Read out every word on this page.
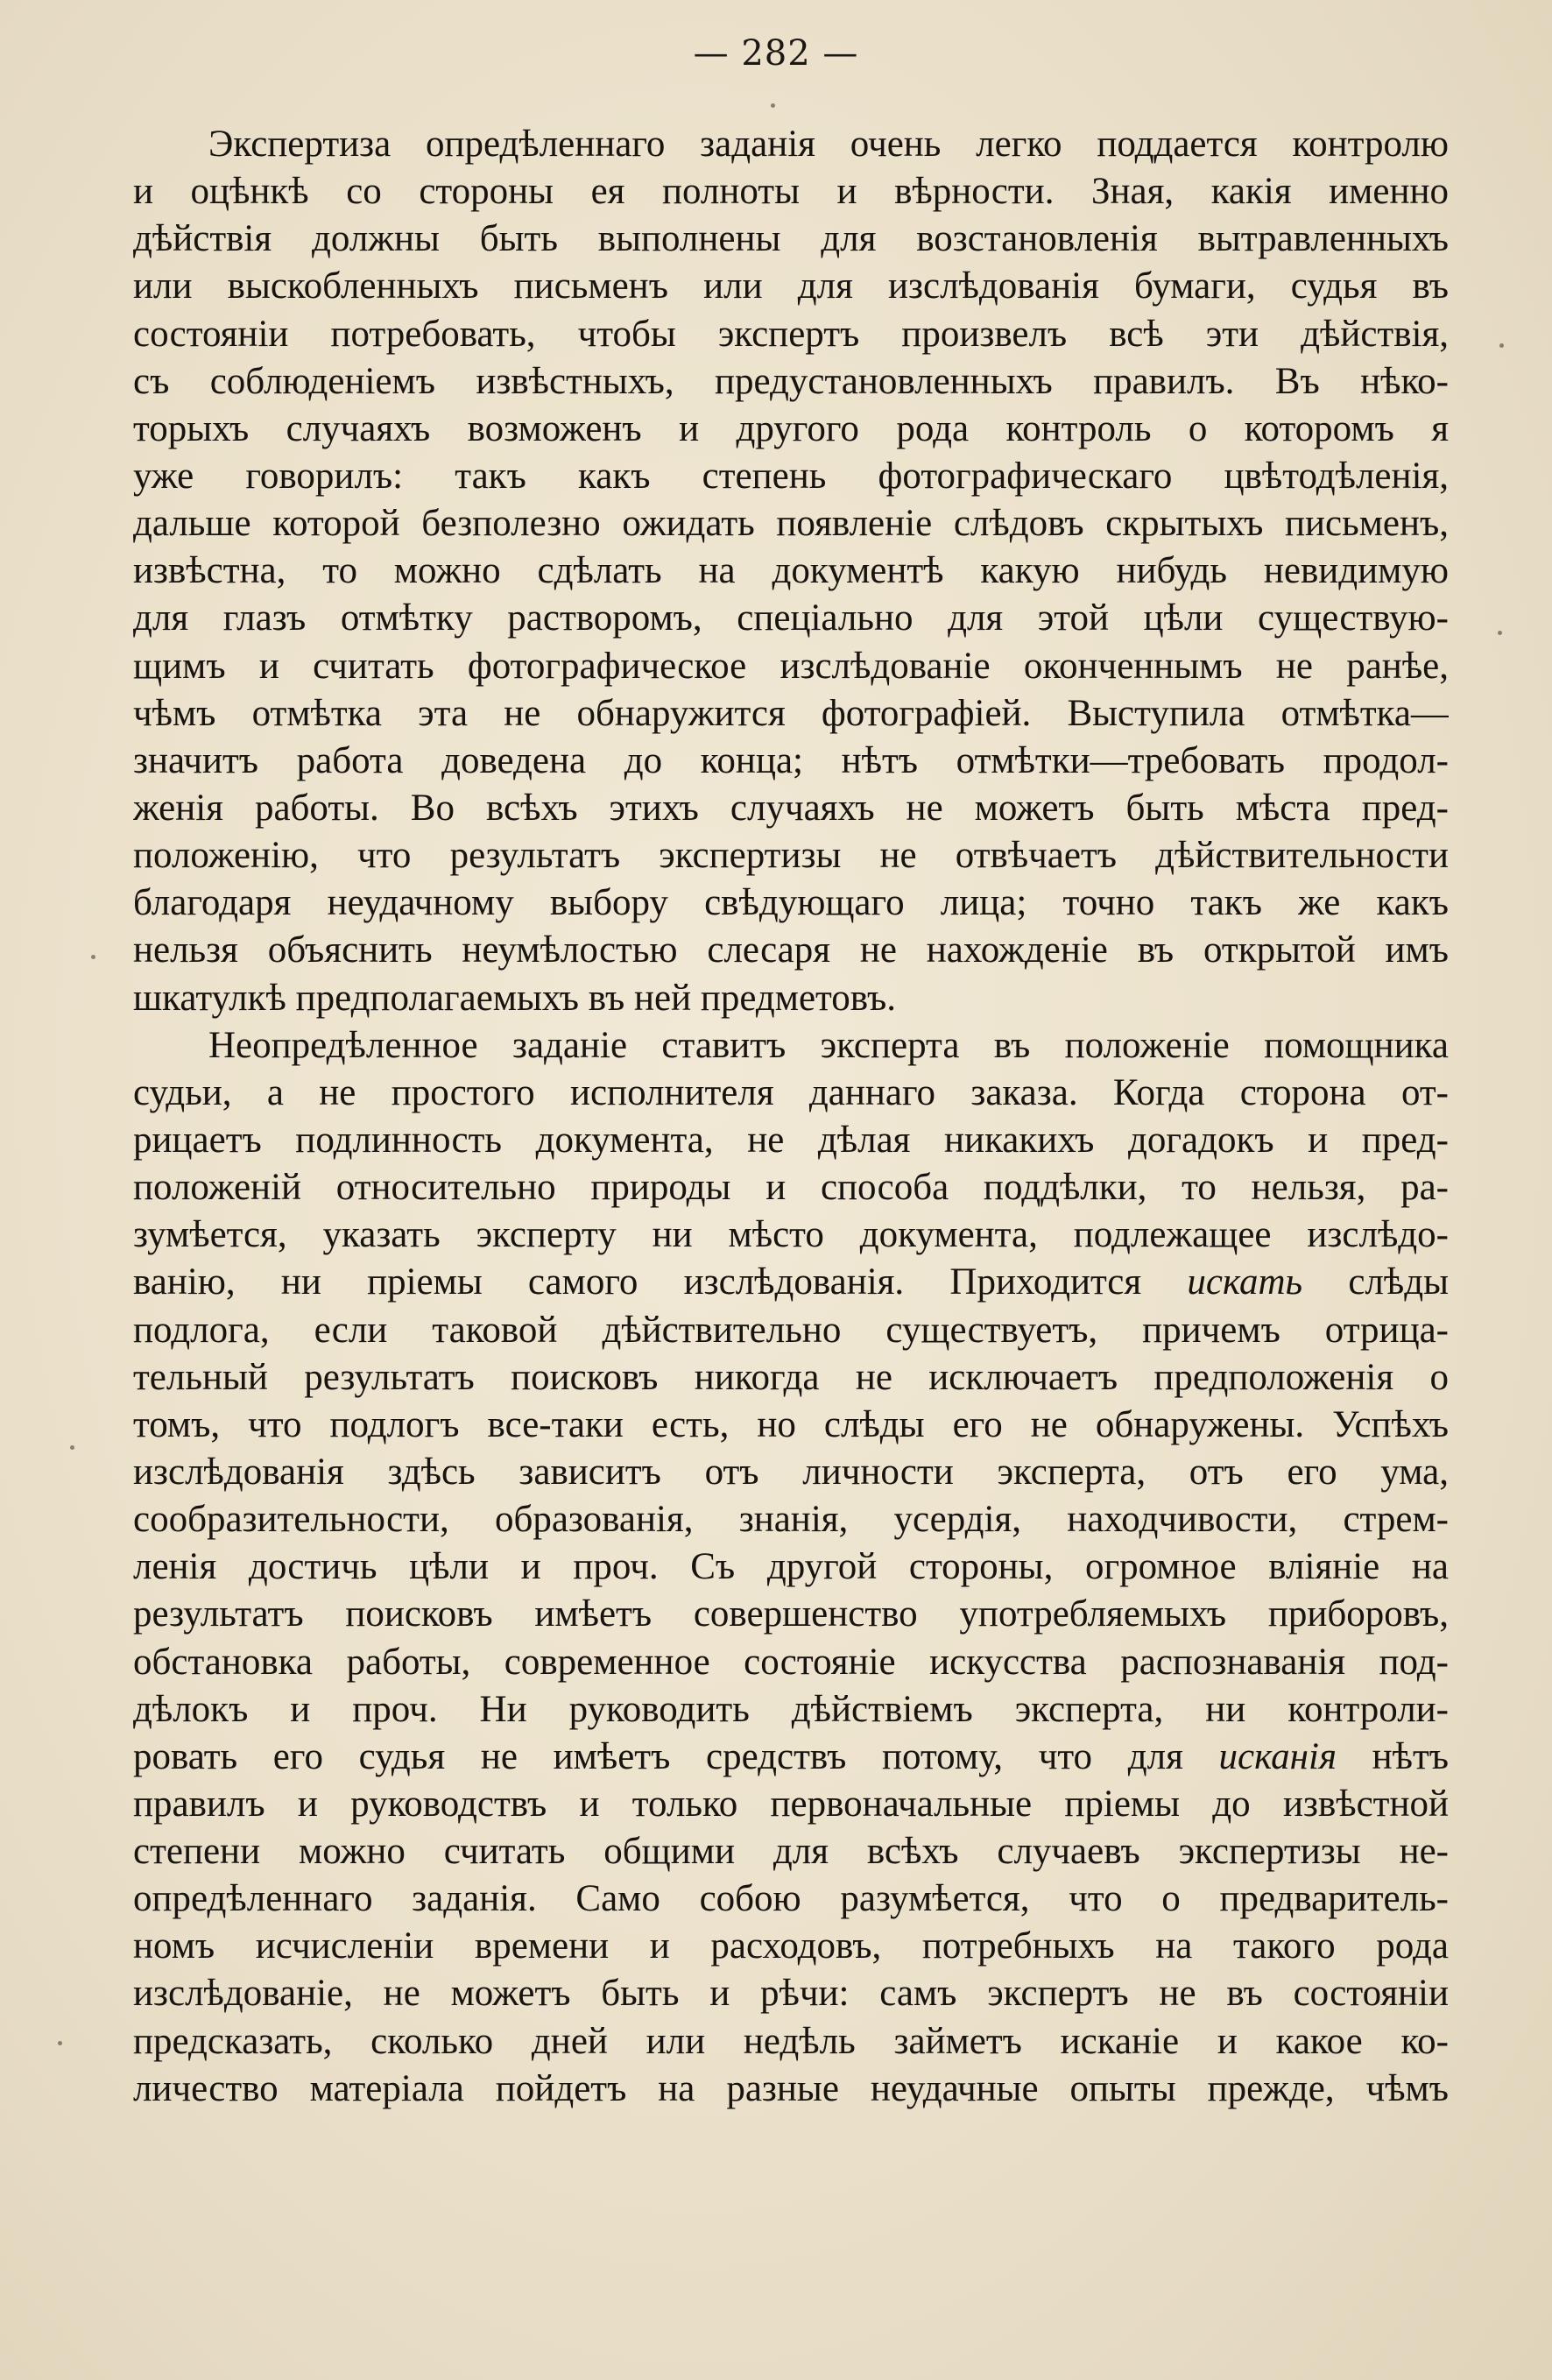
— 282 —
Экспертиза опредѣленнаго заданія очень легко поддается контролю
и оцѣнкѣ со стороны ея полноты и вѣрности. Зная, какія именно
дѣйствія должны быть выполнены для возстановленія вытравленныхъ
или выскобленныхъ письменъ или для изслѣдованія бумаги, судья въ
состояніи потребовать, чтобы экспертъ произвелъ всѣ эти дѣйствія,
съ соблюденіемъ извѣстныхъ, предустановленныхъ правилъ. Въ нѣко-
торыхъ случаяхъ возможенъ и другого рода контроль о которомъ я
уже говорилъ: такъ какъ степень фотографическаго цвѣтодѣленія,
дальше которой безполезно ожидать появленіе слѣдовъ скрытыхъ письменъ,
извѣстна, то можно сдѣлать на документѣ какую нибудь невидимую
для глазъ отмѣтку растворомъ, спеціально для этой цѣли существую-
щимъ и считать фотографическое изслѣдованіе оконченнымъ не ранѣе,
чѣмъ отмѣтка эта не обнаружится фотографіей. Выступила отмѣтка—
значитъ работа доведена до конца; нѣтъ отмѣтки—требовать продол-
женія работы. Во всѣхъ этихъ случаяхъ не можетъ быть мѣста пред-
положенію, что результатъ экспертизы не отвѣчаетъ дѣйствительности
благодаря неудачному выбору свѣдующаго лица; точно такъ же какъ
нельзя объяснить неумѣлостью слесаря не нахожденіе въ открытой имъ
шкатулкѣ предполагаемыхъ въ ней предметовъ.
Неопредѣленное заданіе ставитъ эксперта въ положеніе помощника
судьи, а не простого исполнителя даннаго заказа. Когда сторона от-
рицаетъ подлинность документа, не дѣлая никакихъ догадокъ и пред-
положеній относительно природы и способа поддѣлки, то нельзя, ра-
зумѣется, указать эксперту ни мѣсто документа, подлежащее изслѣдо-
ванію, ни пріемы самого изслѣдованія. Приходится искать слѣды
подлога, если таковой дѣйствительно существуетъ, причемъ отрица-
тельный результатъ поисковъ никогда не исключаетъ предположенія о
томъ, что подлогъ все-таки есть, но слѣды его не обнаружены. Успѣхъ
изслѣдованія здѣсь зависитъ отъ личности эксперта, отъ его ума,
сообразительности, образованія, знанія, усердія, находчивости, стрем-
ленія достичь цѣли и проч. Съ другой стороны, огромное вліяніе на
результатъ поисковъ имѣетъ совершенство употребляемыхъ приборовъ,
обстановка работы, современное состояніе искусства распознаванія под-
дѣлокъ и проч. Ни руководить дѣйствіемъ эксперта, ни контроли-
ровать его судья не имѣетъ средствъ потому, что для исканія нѣтъ
правилъ и руководствъ и только первоначальные пріемы до извѣстной
степени можно считать общими для всѣхъ случаевъ экспертизы не-
опредѣленнаго заданія. Само собою разумѣется, что о предваритель-
номъ исчисленіи времени и расходовъ, потребныхъ на такого рода
изслѣдованіе, не можетъ быть и рѣчи: самъ экспертъ не въ состояніи
предсказать, сколько дней или недѣль займетъ исканіе и какое ко-
личество матеріала пойдетъ на разные неудачные опыты прежде, чѣмъ
